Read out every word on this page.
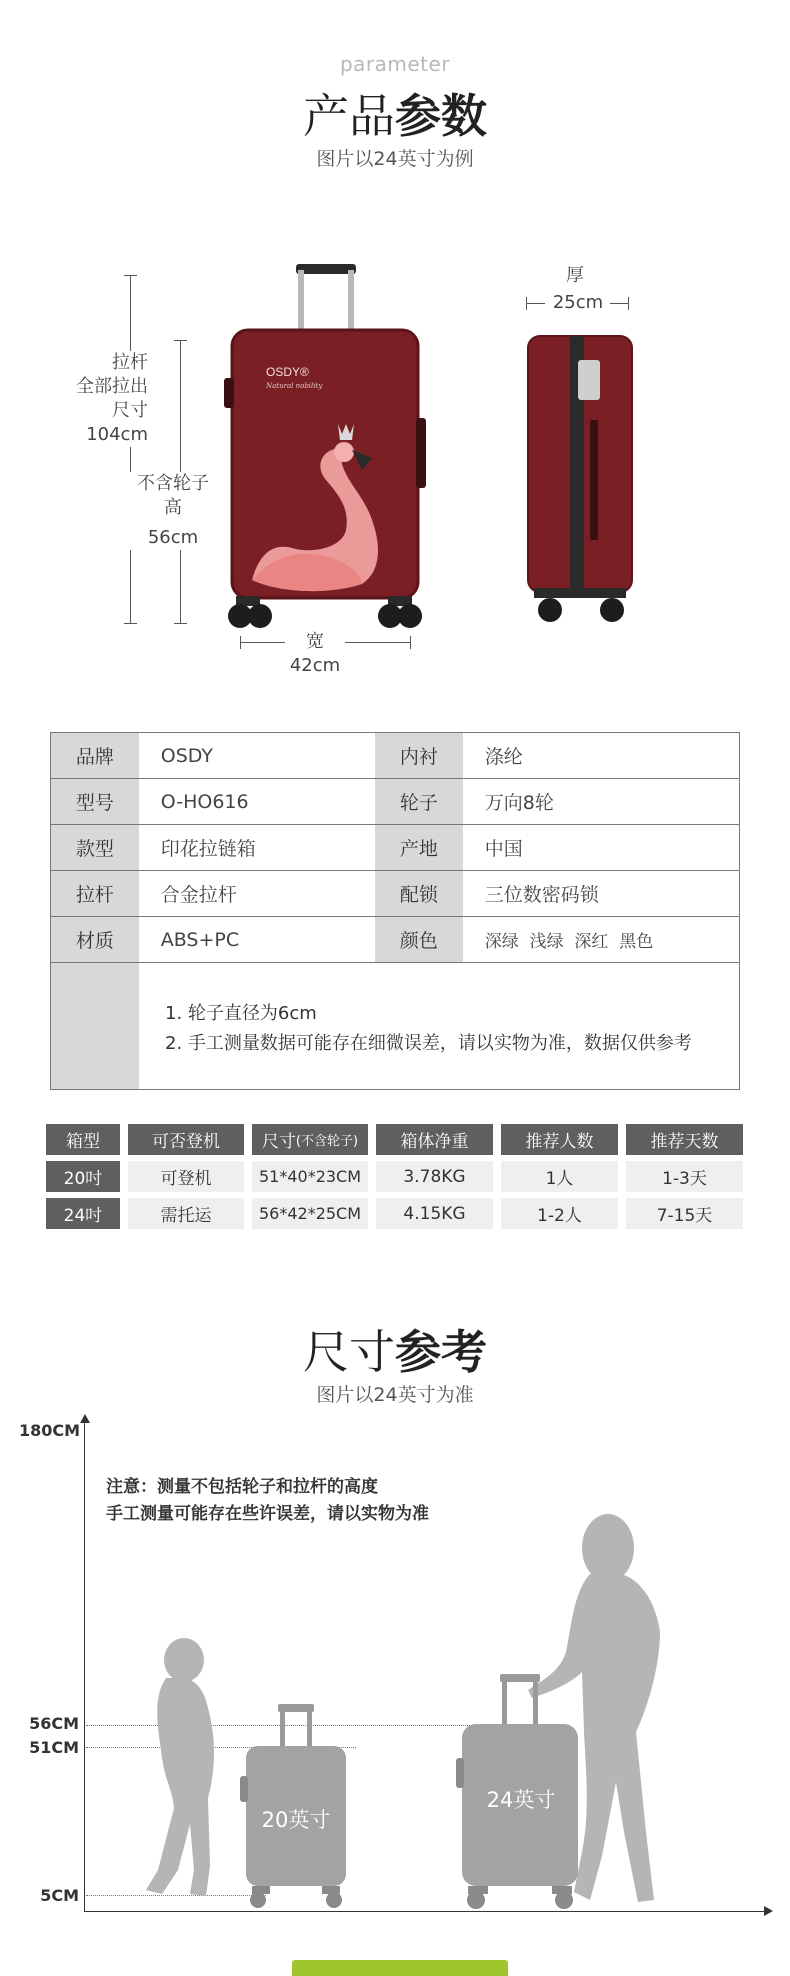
parameter
产品参数
图片以24英寸为例
拉杆
全部拉出
尺寸
104cm
不含轮子
高
56cm
宽
42cm
厚
25cm
OSDY®
Natural nobility
品牌	OSDY	内衬	涤纶
型号	O-HO616	轮子	万向8轮
款型	印花拉链箱	产地	中国
拉杆	合金拉杆	配锁	三位数密码锁
材质	ABS+PC	颜色	深绿  浅绿  深红  黑色
1. 轮子直径为6cm
2. 手工测量数据可能存在细微误差，请以实物为准，数据仅供参考
箱型	可否登机	尺寸 (不含轮子)	箱体净重	推荐人数	推荐天数
20吋	可登机	51*40*23CM	3.78KG	1人	1-3天
24吋	需托运	56*42*25CM	4.15KG	1-2人	7-15天
尺寸参考
图片以24英寸为准
180CM
56CM
51CM
5CM
注意：测量不包括轮子和拉杆的高度
手工测量可能存在些许误差，请以实物为准
20英寸
24英寸
